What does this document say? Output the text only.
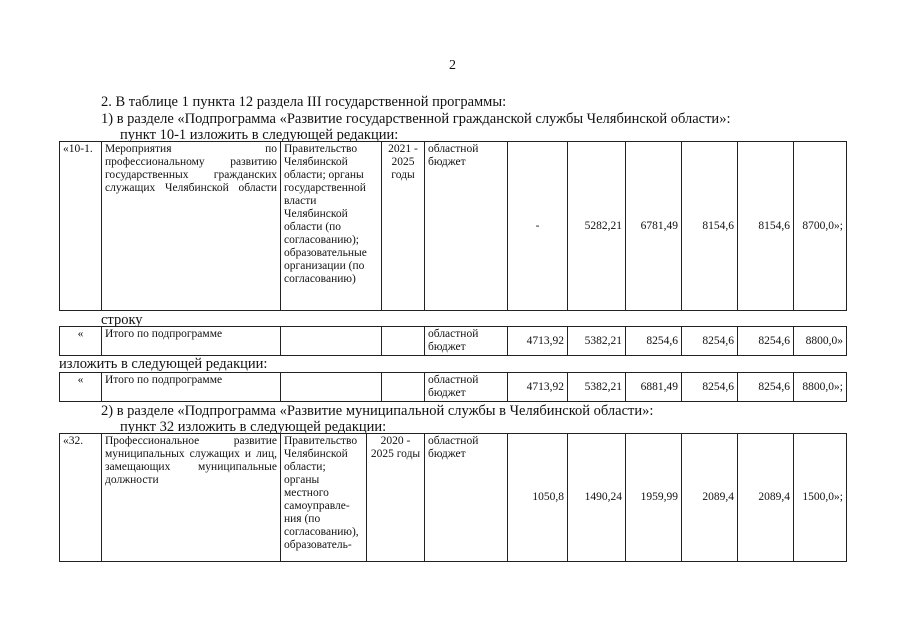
2
2. В таблице 1 пункта 12 раздела III государственной программы:
1) в разделе «Подпрограмма «Развитие государственной гражданской службы Челябинской области»:
пункт 10-1 изложить в следующей редакции:
«10-1.	Мероприятия по профессиональному развитию государственных гражданских служащих Челябинской области	Правительство Челябинской области; органы государственной власти Челябинской области (по согласованию); образовательные организации (по согласованию)	2021 - 2025 годы	областной бюджет	-	5282,21	6781,49	8154,6	8154,6	8700,0»;
строку
«	Итого по подпрограмме			областной бюджет	4713,92	5382,21	8254,6	8254,6	8254,6	8800,0»
изложить в следующей редакции:
«	Итого по подпрограмме			областной бюджет	4713,92	5382,21	6881,49	8254,6	8254,6	8800,0»;
2) в разделе «Подпрограмма «Развитие муниципальной службы в Челябинской области»:
пункт 32 изложить в следующей редакции:
«32.	Профессиональное развитие муниципальных служащих и лиц, замещающих муниципальные должности	Правительство Челябинской области; органы местного самоуправле-ния (по согласованию), образователь-	2020 - 2025 годы	областной бюджет	1050,8	1490,24	1959,99	2089,4	2089,4	1500,0»;
